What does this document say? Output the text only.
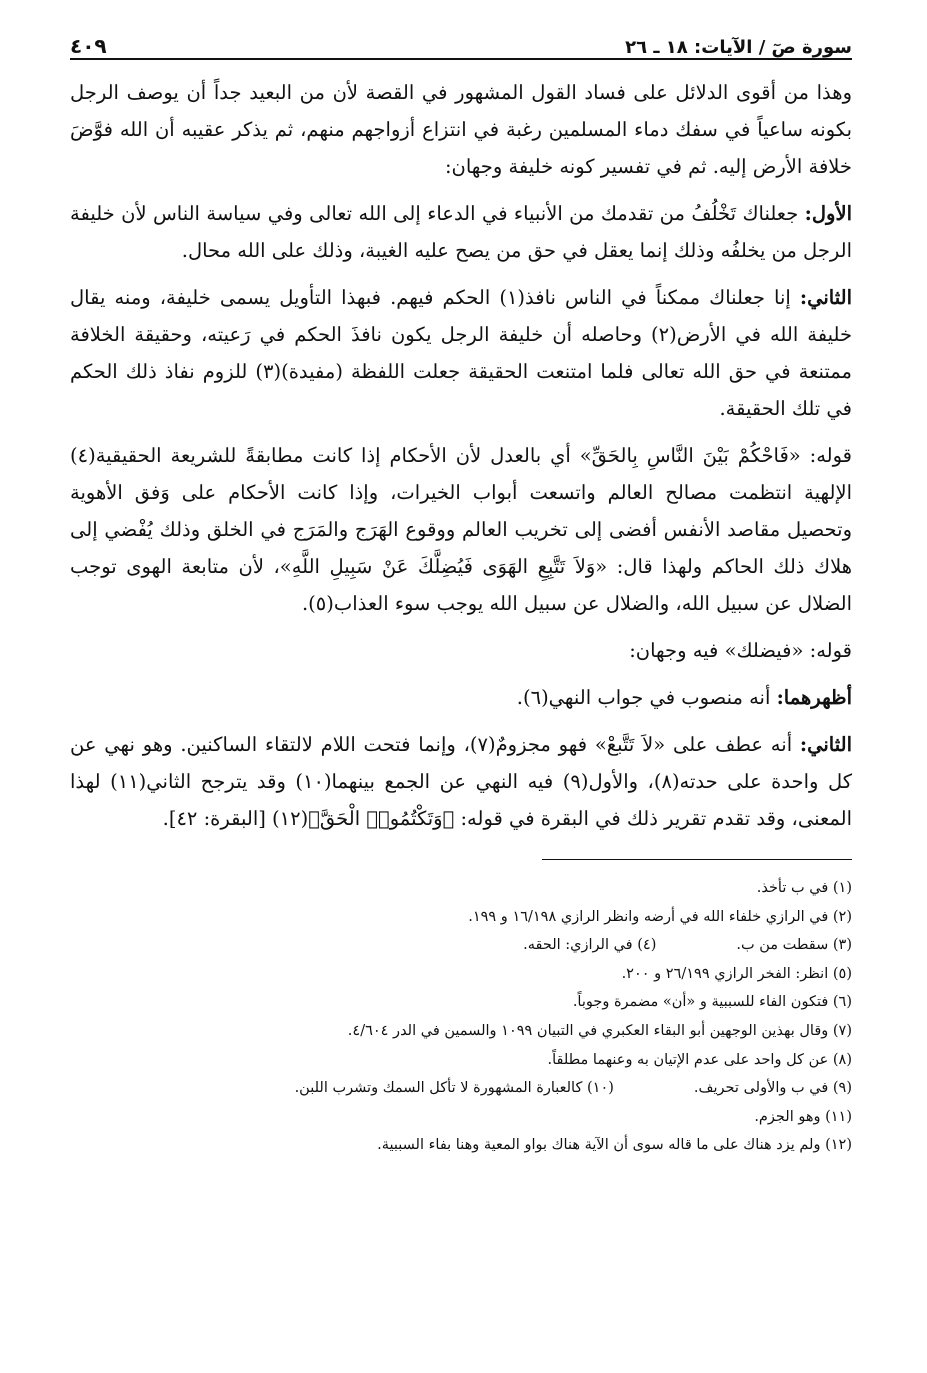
سورة صٓ / الآيات: ١٨ ـ ٢٦
٤٠٩

وهذا من أقوى الدلائل على فساد القول المشهور في القصة لأن من البعيد جداً أن يوصف الرجل بكونه ساعياً في سفك دماء المسلمين رغبة في انتزاع أزواجهم منهم، ثم يذكر عقيبه أن الله فوَّضَ خلافة الأرض إليه. ثم في تفسير كونه خليفة وجهان:

الأول: جعلناك تَخْلُفُ من تقدمك من الأنبياء في الدعاء إلى الله تعالى وفي سياسة الناس لأن خليفة الرجل من يخلفُه وذلك إنما يعقل في حق من يصح عليه الغيبة، وذلك على الله محال.

الثاني: إنا جعلناك ممكناً في الناس نافذ(١) الحكم فيهم. فبهذا التأويل يسمى خليفة، ومنه يقال خليفة الله في الأرض(٢) وحاصله أن خليفة الرجل يكون نافذَ الحكم في رَعيته، وحقيقة الخلافة ممتنعة في حق الله تعالى فلما امتنعت الحقيقة جعلت اللفظة (مفيدة)(٣) للزوم نفاذ ذلك الحكم في تلك الحقيقة.

قوله: «فَاحْكُمْ بَيْنَ النَّاسِ بِالحَقِّ» أي بالعدل لأن الأحكام إذا كانت مطابقةً للشريعة الحقيقية(٤) الإلهية انتظمت مصالح العالم واتسعت أبواب الخيرات، وإذا كانت الأحكام على وَفق الأهوية وتحصيل مقاصد الأنفس أفضى إلى تخريب العالم ووقوع الهَرَج والمَرَج في الخلق وذلك يُفْضي إلى هلاك ذلك الحاكم ولهذا قال: «وَلاَ تَتَّبِعِ الهَوَى فَيُضِلَّكَ عَنْ سَبِيلِ اللَّهِ»، لأن متابعة الهوى توجب الضلال عن سبيل الله، والضلال عن سبيل الله يوجب سوء العذاب(٥).

قوله: «فيضلك» فيه وجهان:

أظهرهما: أنه منصوب في جواب النهي(٦).

الثاني: أنه عطف على «لاَ تَتَّبعْ» فهو مجزومٌ(٧)، وإنما فتحت اللام لالتقاء الساكنين. وهو نهي عن كل واحدة على حدته(٨)، والأول(٩) فيه النهي عن الجمع بينهما(١٠) وقد يترجح الثاني(١١) لهذا المعنى، وقد تقدم تقرير ذلك في البقرة في قوله: ﴿وَتَكْتُمُوا۟ الْحَقَّ﴾(١٢) [البقرة: ٤٢].

(١) في ب تأخذ.
(٢) في الرازي خلفاء الله في أرضه وانظر الرازي ١٦/١٩٨ و ١٩٩.
(٣) سقطت من ب.
(٤) في الرازي: الحقه.
(٥) انظر: الفخر الرازي ٢٦/١٩٩ و ٢٠٠.
(٦) فتكون الفاء للسببية و «أن» مضمرة وجوباً.
(٧) وقال بهذين الوجهين أبو البقاء العكبري في التبيان ١٠٩٩ والسمين في الدر ٤/٦٠٤.
(٨) عن كل واحد على عدم الإتيان به وعنهما مطلقاً.
(٩) في ب والأولى تحريف.
(١٠) كالعبارة المشهورة لا تأكل السمك وتشرب اللبن.
(١١) وهو الجزم.
(١٢) ولم يزد هناك على ما قاله سوى أن الآية هناك بواو المعية وهنا بفاء السببية.
